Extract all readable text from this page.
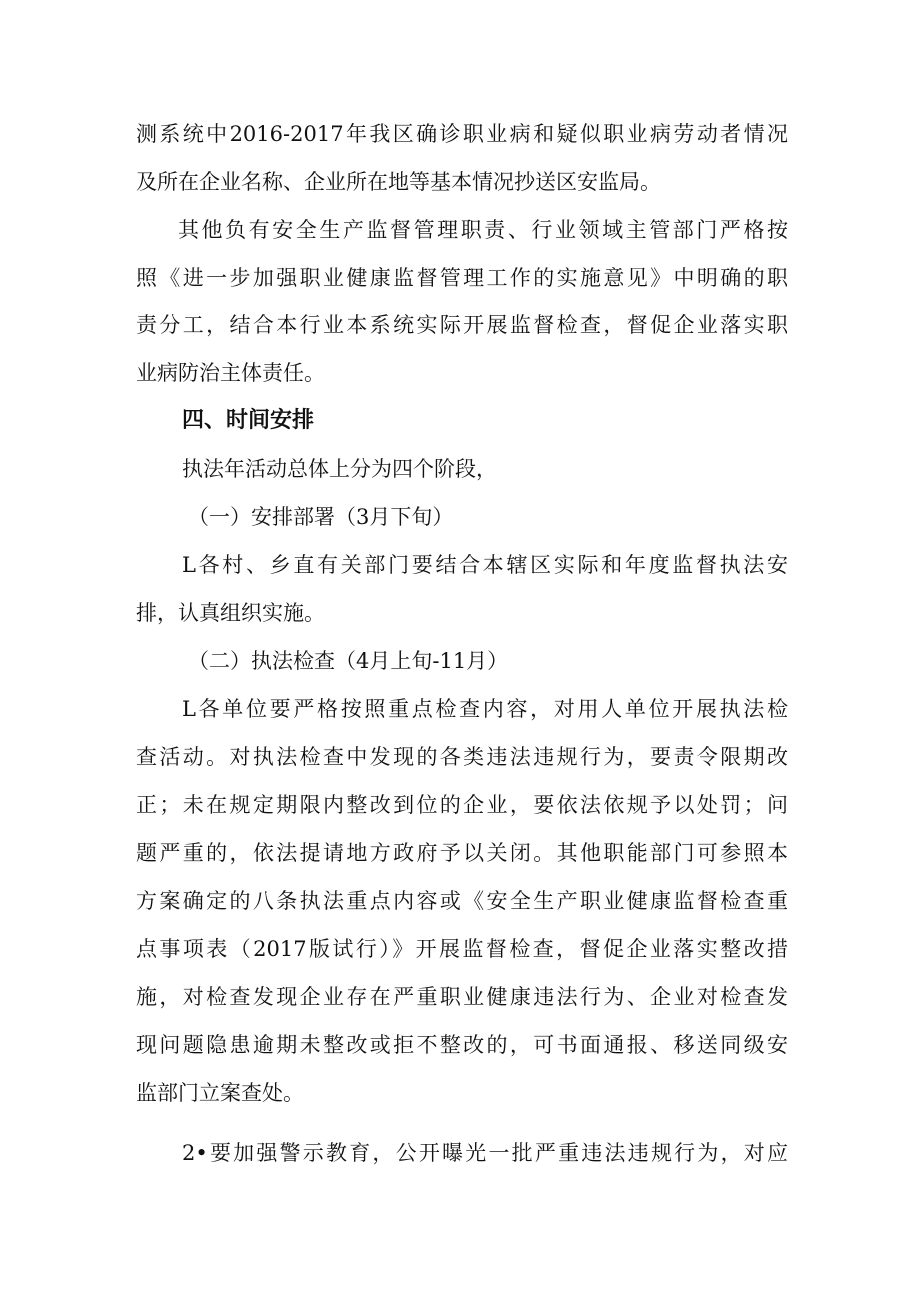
测系统中2016-2017年我区确诊职业病和疑似职业病劳动者情况
及所在企业名称、企业所在地等基本情况抄送区安监局。
其他负有安全生产监督管理职责、行业领域主管部门严格按
照《进一步加强职业健康监督管理工作的实施意见》中明确的职
责分工，结合本行业本系统实际开展监督检查，督促企业落实职
业病防治主体责任。
四、时间安排
执法年活动总体上分为四个阶段，
（一）安排部署（3月下旬）
L各村、乡直有关部门要结合本辖区实际和年度监督执法安
排，认真组织实施。
（二）执法检查（4月上旬-11月）
L各单位要严格按照重点检查内容，对用人单位开展执法检
查活动。对执法检查中发现的各类违法违规行为，要责令限期改
正；未在规定期限内整改到位的企业，要依法依规予以处罚；问
题严重的，依法提请地方政府予以关闭。其他职能部门可参照本
方案确定的八条执法重点内容或《安全生产职业健康监督检查重
点事项表（2017版试行）》开展监督检查，督促企业落实整改措
施，对检查发现企业存在严重职业健康违法行为、企业对检查发
现问题隐患逾期未整改或拒不整改的，可书面通报、移送同级安
监部门立案查处。
2•要加强警示教育，公开曝光一批严重违法违规行为，对应
